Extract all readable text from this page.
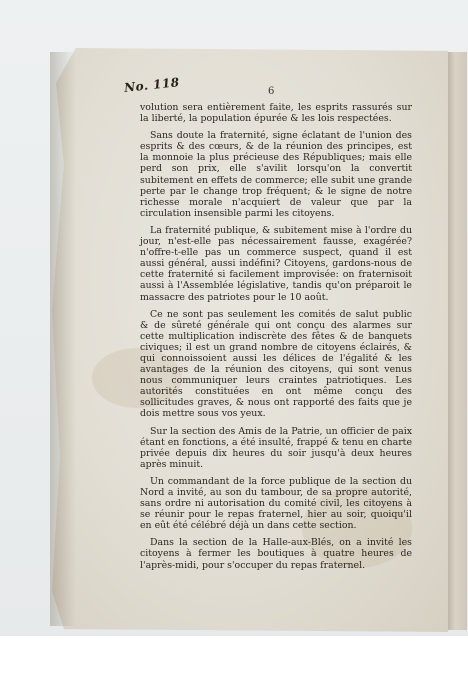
No. 118	6

volution sera entièrement faite, les esprits rassurés sur la liberté, la population épurée & les lois respectées.

Sans doute la fraternité, signe éclatant de l'union des esprits & des cœurs, & de la réunion des principes, est la monnoie la plus précieuse des Républiques; mais elle perd son prix, elle s'avilit lorsqu'on la convertit subitement en effets de commerce; elle subit une grande perte par le change trop fréquent; & le signe de notre richesse morale n'acquiert de valeur que par la circulation insensible parmi les citoyens.

La fraternité publique, & subitement mise à l'ordre du jour, n'est-elle pas nécessairement fausse, exagérée? n'offre-t-elle pas un commerce suspect, quand il est aussi général, aussi indéfini? Citoyens, gardons-nous de cette fraternité si facilement improvisée: on fraternisoit aussi à l'Assemblée législative, tandis qu'on préparoit le massacre des patriotes pour le 10 août.

Ce ne sont pas seulement les comités de salut public & de sûreté générale qui ont conçu des alarmes sur cette multiplication indiscrète des fêtes & de banquets civiques; il est un grand nombre de citoyens éclairés, & qui connoissoient aussi les délices de l'égalité & les avantages de la réunion des citoyens, qui sont venus nous communiquer leurs craintes patriotiques. Les autorités constituées en ont même conçu des sollicitudes graves, & nous ont rapporté des faits que je dois mettre sous vos yeux.

Sur la section des Amis de la Patrie, un officier de paix étant en fonctions, a été insulté, frappé & tenu en charte privée depuis dix heures du soir jusqu'à deux heures après minuit.

Un commandant de la force publique de la section du Nord a invité, au son du tambour, de sa propre autorité, sans ordre ni autorisation du comité civil, les citoyens à se réunir pour le repas fraternel, hier au soir, quoiqu'il en eût été célébré déjà un dans cette section.

Dans la section de la Halle-aux-Blés, on a invité les citoyens à fermer les boutiques à quatre heures de l'après-midi, pour s'occuper du repas fraternel.
